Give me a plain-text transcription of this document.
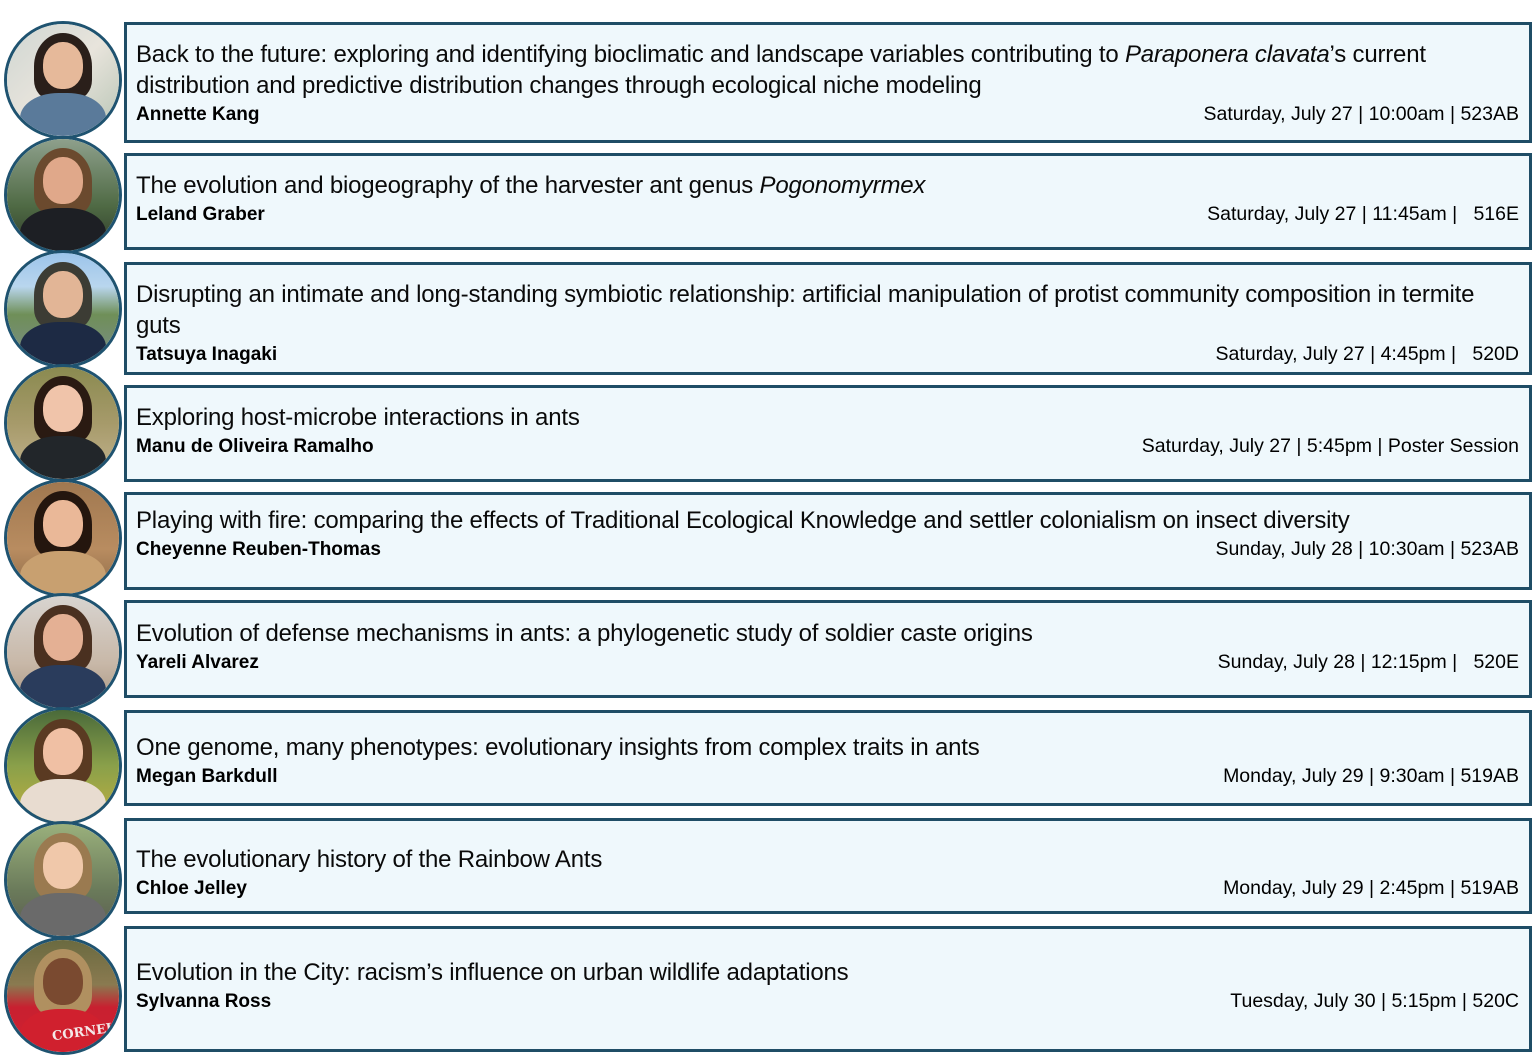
Back to the future: exploring and identifying bioclimatic and landscape variables contributing to Paraponera clavata’s current distribution and predictive distribution changes through ecological niche modeling
Annette Kang	Saturday, July 27 | 10:00am | 523AB
The evolution and biogeography of the harvester ant genus Pogonomyrmex
Leland Graber	Saturday, July 27 | 11:45am |   516E
Disrupting an intimate and long-standing symbiotic relationship: artificial manipulation of protist community composition in termite guts
Tatsuya Inagaki	Saturday, July 27 | 4:45pm |   520D
Exploring host-microbe interactions in ants
Manu de Oliveira Ramalho	Saturday, July 27 | 5:45pm | Poster Session
Playing with fire: comparing the effects of Traditional Ecological Knowledge and settler colonialism on insect diversity
Cheyenne Reuben-Thomas	Sunday, July 28 | 10:30am | 523AB
Evolution of defense mechanisms in ants: a phylogenetic study of soldier caste origins
Yareli Alvarez	Sunday, July 28 | 12:15pm |   520E
One genome, many phenotypes: evolutionary insights from complex traits in ants
Megan Barkdull	Monday, July 29 | 9:30am | 519AB
The evolutionary history of the Rainbow Ants
Chloe Jelley	Monday, July 29 | 2:45pm | 519AB
CORNEL
Evolution in the City: racism’s influence on urban wildlife adaptations
Sylvanna Ross	Tuesday, July 30 | 5:15pm | 520C
